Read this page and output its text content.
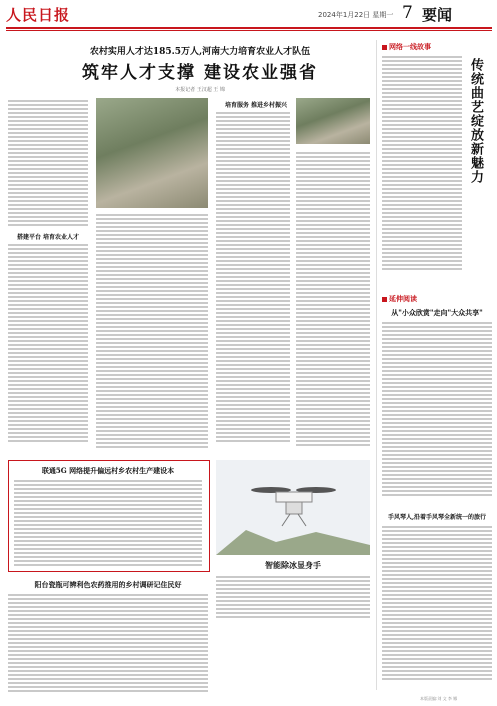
人民日报	2024年1月22日 星期一 7 要闻
农村实用人才达185.5万人,河南大力培育农业人才队伍
筑牢人才支撑 建设农业强省
本报记者 王汉超 王 锦
搭建平台 培育农业人才
培育服务 推进乡村振兴
联通5G 网络提升偏远村乡农村生产建设本
阳台瓷瓶可辨利色农药推用的乡村调研记住民好
智能除冰显身手
网络一线故事
传统曲艺绽放新魅力
延伸阅读
从"小众欣赏"走向"大众共享"
手风琴人,沿着手风琴全新统一的旅行
本版责编:刘 文 李 娜
